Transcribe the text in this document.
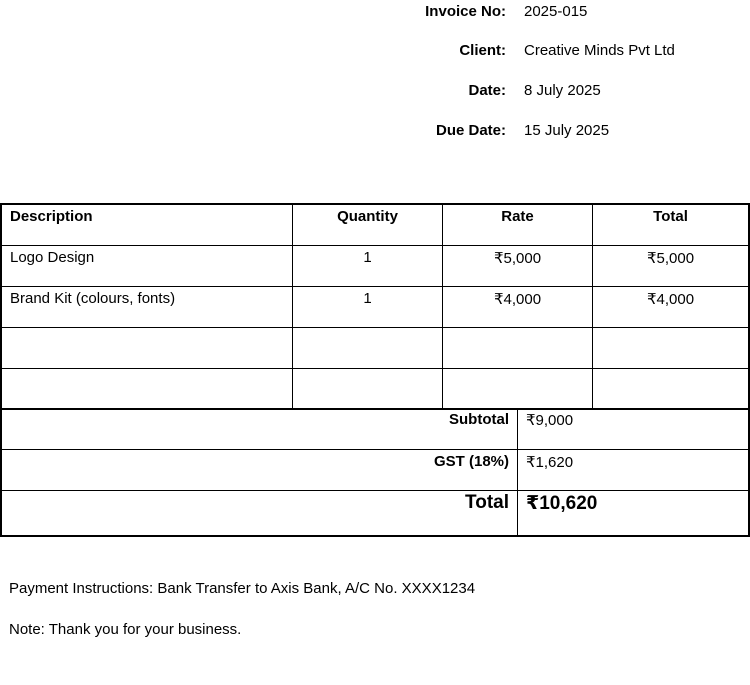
Invoice No: 2025-015
Client: Creative Minds Pvt Ltd
Date: 8 July 2025
Due Date: 15 July 2025
Description	Quantity	Rate	Total
Logo Design	1	₹5,000	₹5,000
Brand Kit (colours, fonts)	1	₹4,000	₹4,000
Subtotal	₹9,000
GST (18%)	₹1,620
Total ₹10,620
Payment Instructions: Bank Transfer to Axis Bank, A/C No. XXXX1234
Note: Thank you for your business.
